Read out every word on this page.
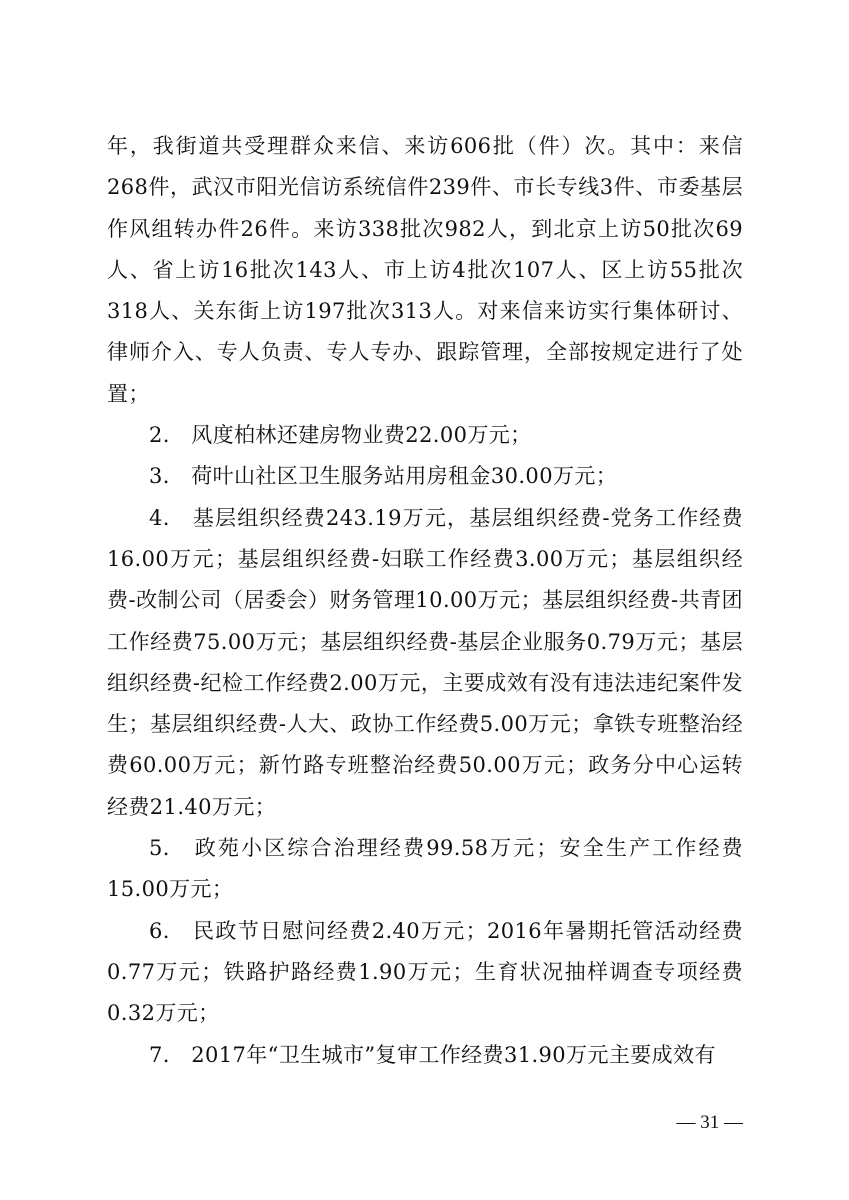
年，我街道共受理群众来信、来访606批（件）次。其中：来信268件，武汉市阳光信访系统信件239件、市长专线3件、市委基层作风组转办件26件。来访338批次982人，到北京上访50批次69人、省上访16批次143人、市上访4批次107人、区上访55批次318人、关东街上访197批次313人。对来信来访实行集体研讨、律师介入、专人负责、专人专办、跟踪管理，全部按规定进行了处置；

2.　风度柏林还建房物业费22.00万元；

3.　荷叶山社区卫生服务站用房租金30.00万元；

4.　基层组织经费243.19万元，基层组织经费-党务工作经费16.00万元；基层组织经费-妇联工作经费3.00万元；基层组织经费-改制公司（居委会）财务管理10.00万元；基层组织经费-共青团工作经费75.00万元；基层组织经费-基层企业服务0.79万元；基层组织经费-纪检工作经费2.00万元，主要成效有没有违法违纪案件发生；基层组织经费-人大、政协工作经费5.00万元；拿铁专班整治经费60.00万元；新竹路专班整治经费50.00万元；政务分中心运转经费21.40万元；

5.　政苑小区综合治理经费99.58万元；安全生产工作经费15.00万元；

6.　民政节日慰问经费2.40万元；2016年暑期托管活动经费0.77万元；铁路护路经费1.90万元；生育状况抽样调查专项经费0.32万元；

7.　2017年“卫生城市”复审工作经费31.90万元主要成效有

— 31 —
